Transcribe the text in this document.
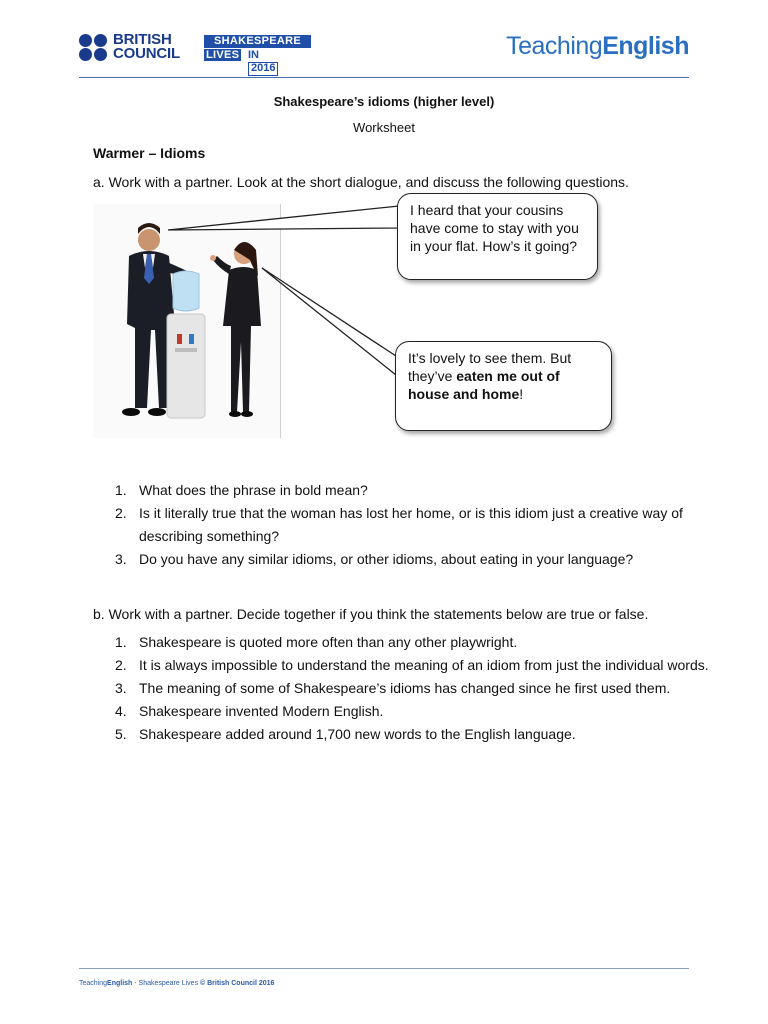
BRITISH
COUNCIL
SHAKESPEARE
LIVES IN
2016
TeachingEnglish
Shakespeare’s idioms (higher level)
Worksheet
Warmer – Idioms
a. Work with a partner. Look at the short dialogue, and discuss the following questions.
I heard that your cousins have come to stay with you in your flat. How’s it going?
It’s lovely to see them. But they’ve eaten me out of house and home!
1. What does the phrase in bold mean?
2. Is it literally true that the woman has lost her home, or is this idiom just a creative way of describing something?
3. Do you have any similar idioms, or other idioms, about eating in your language?
b. Work with a partner. Decide together if you think the statements below are true or false.
1. Shakespeare is quoted more often than any other playwright.
2. It is always impossible to understand the meaning of an idiom from just the individual words.
3. The meaning of some of Shakespeare’s idioms has changed since he first used them.
4. Shakespeare invented Modern English.
5. Shakespeare added around 1,700 new words to the English language.
TeachingEnglish - Shakespeare Lives © British Council 2016
